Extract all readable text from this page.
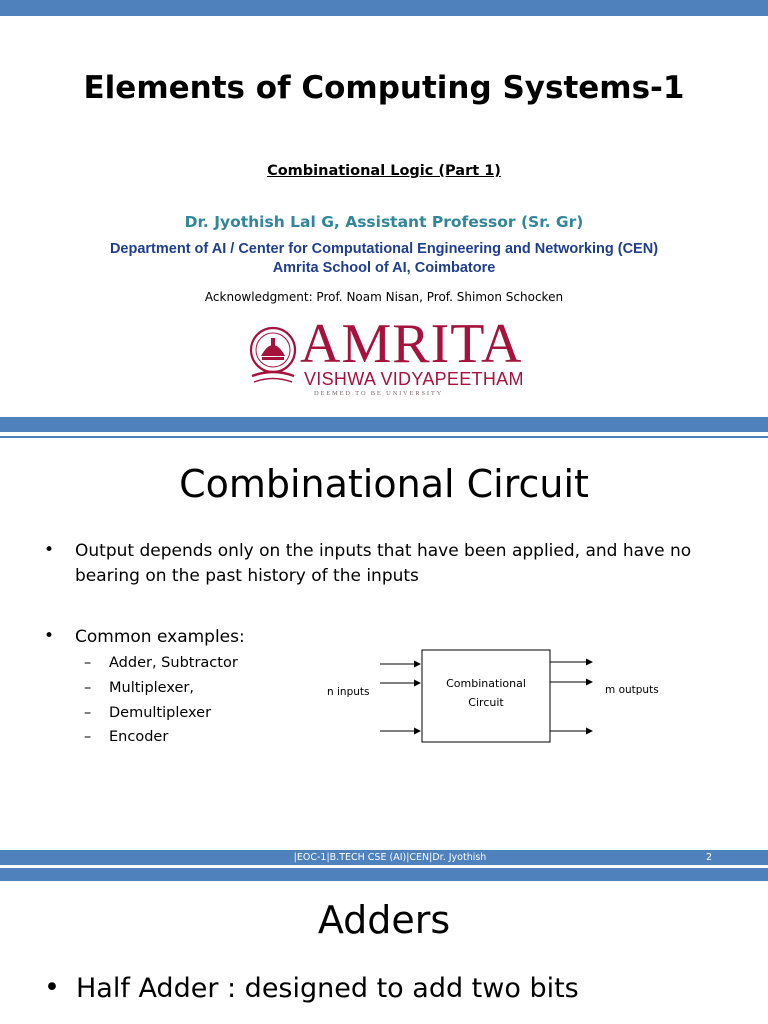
Elements of Computing Systems-1
Combinational Logic (Part 1)
Dr. Jyothish Lal G, Assistant Professor (Sr. Gr)
Department of AI / Center for Computational Engineering and Networking (CEN)
Amrita School of AI, Coimbatore
Acknowledgment: Prof. Noam Nisan, Prof. Shimon Schocken
AMRITA
VISHWA VIDYAPEETHAM
DEEMED TO BE UNIVERSITY
Combinational Circuit
• Output depends only on the inputs that have been applied, and have no bearing on the past history of the inputs
• Common examples:
– Adder, Subtractor
– Multiplexer,
– Demultiplexer
– Encoder
Combinational
Circuit
n inputs	m outputs
|EOC-1|B.TECH CSE (AI)|CEN|Dr. Jyothish	2
Adders
• Half Adder : designed to add two bits
